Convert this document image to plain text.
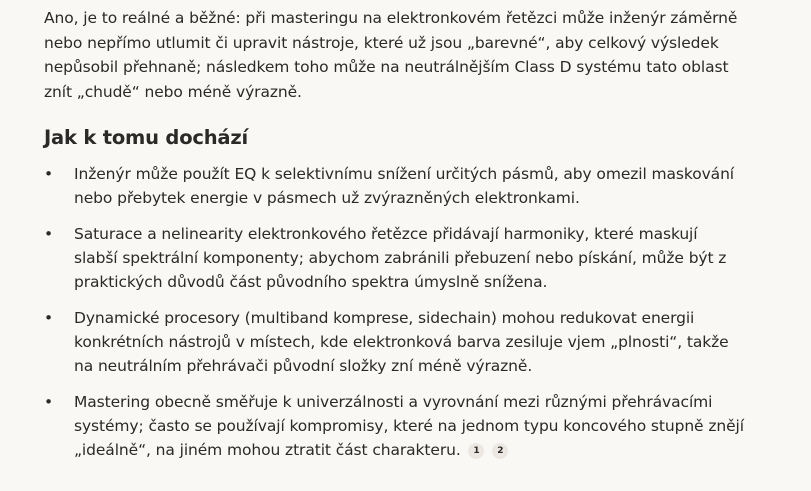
Ano, je to reálné a běžné: při masteringu na elektronkovém řetězci může inženýr záměrně nebo nepřímo utlumit či upravit nástroje, které už jsou „barevné“, aby celkový výsledek nepůsobil přehnaně; následkem toho může na neutrálnějším Class D systému tato oblast znít „chudě“ nebo méně výrazně.

Jak k tomu dochází
• Inženýr může použít EQ k selektivnímu snížení určitých pásmů, aby omezil maskování nebo přebytek energie v pásmech už zvýrazněných elektronkami.
• Saturace a nelinearity elektronkového řetězce přidávají harmoniky, které maskují slabší spektrální komponenty; abychom zabránili přebuzení nebo pískání, může být z praktických důvodů část původního spektra úmyslně snížena.
• Dynamické procesory (multiband komprese, sidechain) mohou redukovat energii konkrétních nástrojů v místech, kde elektronková barva zesiluje vjem „plnosti“, takže na neutrálním přehrávači původní složky zní méně výrazně.
• Mastering obecně směřuje k univerzálnosti a vyrovnání mezi různými přehrávacími systémy; často se používají kompromisy, které na jednom typu koncového stupně znějí „ideálně“, na jiném mohou ztratit část charakteru. 1 2
